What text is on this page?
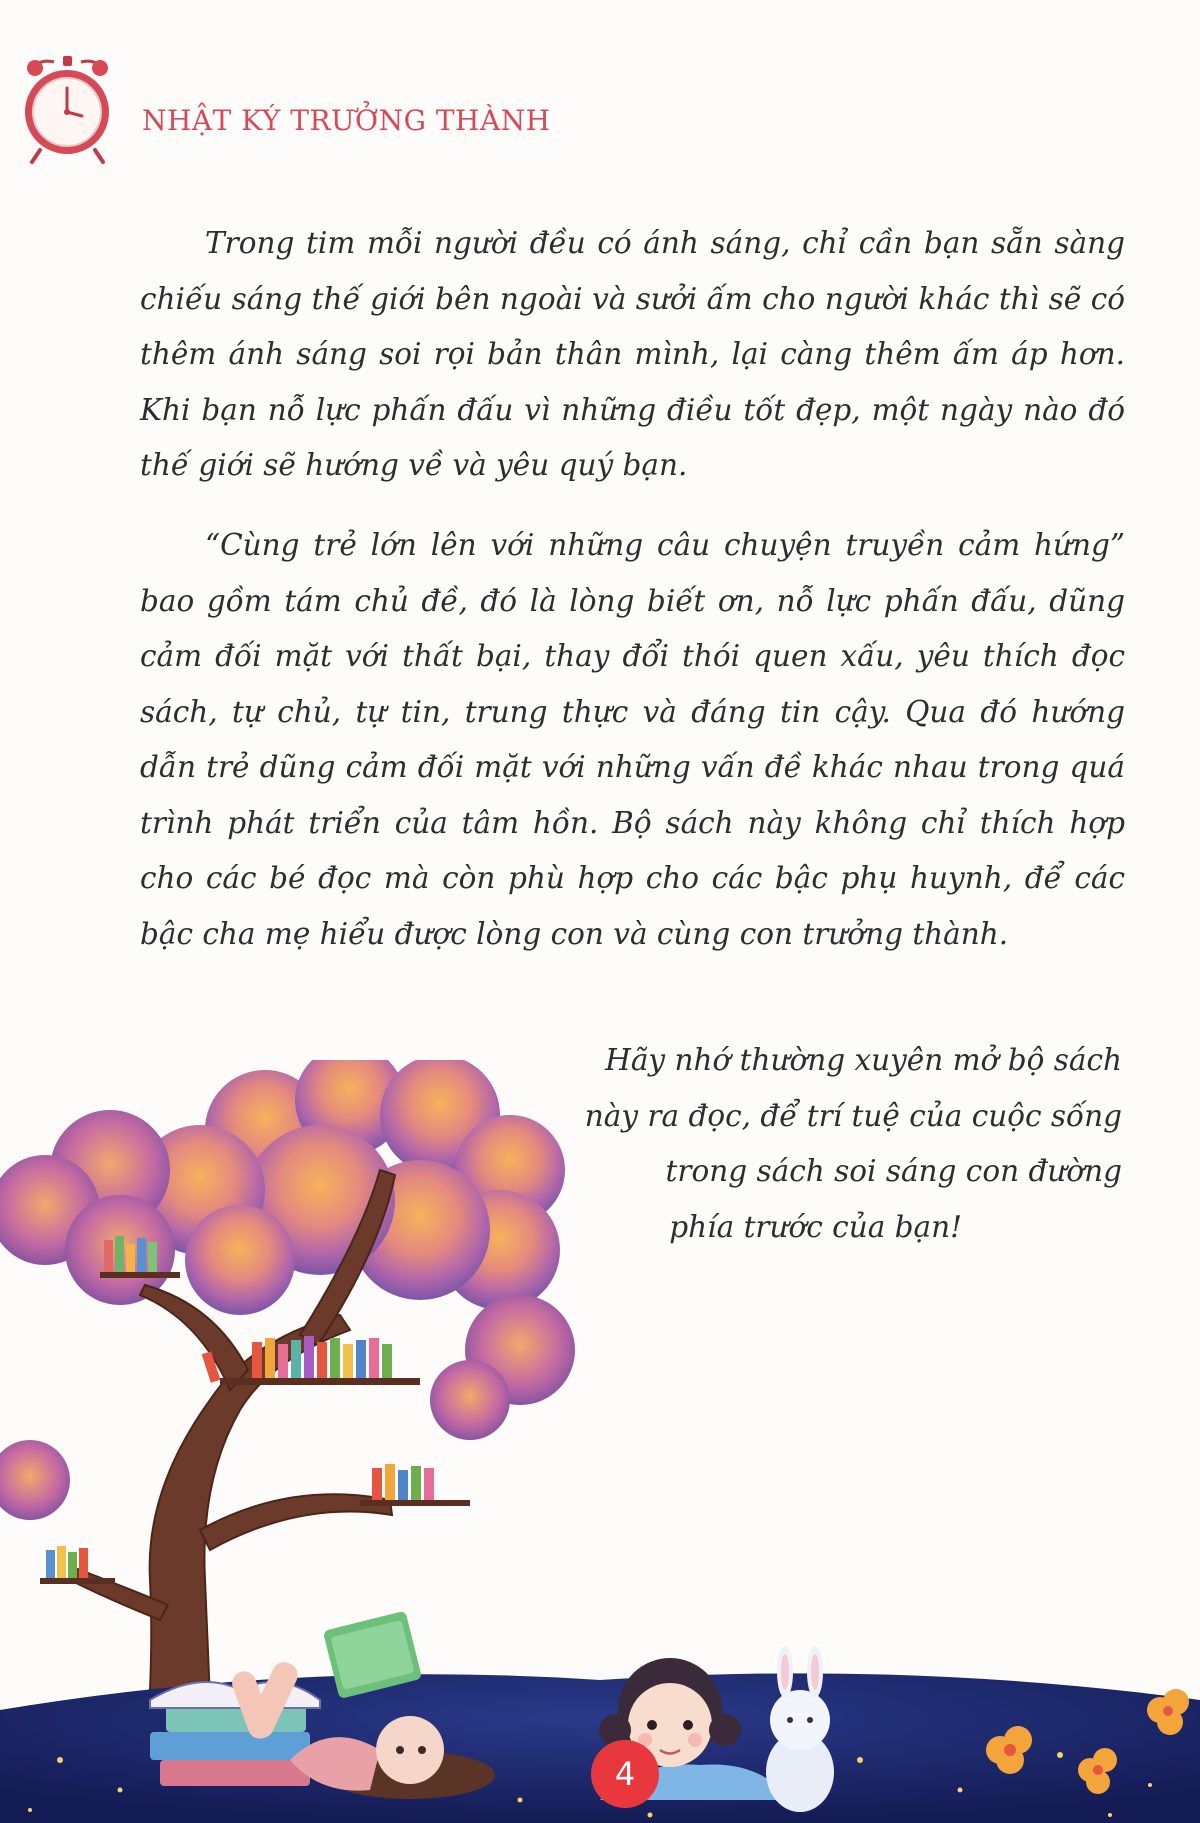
NHẬT KÝ TRƯỞNG THÀNH

Trong tim mỗi người đều có ánh sáng, chỉ cần bạn sẵn sàng chiếu sáng thế giới bên ngoài và sưởi ấm cho người khác thì sẽ có thêm ánh sáng soi rọi bản thân mình, lại càng thêm ấm áp hơn. Khi bạn nỗ lực phấn đấu vì những điều tốt đẹp, một ngày nào đó thế giới sẽ hướng về và yêu quý bạn.

“Cùng trẻ lớn lên với những câu chuyện truyền cảm hứng” bao gồm tám chủ đề, đó là lòng biết ơn, nỗ lực phấn đấu, dũng cảm đối mặt với thất bại, thay đổi thói quen xấu, yêu thích đọc sách, tự chủ, tự tin, trung thực và đáng tin cậy. Qua đó hướng dẫn trẻ dũng cảm đối mặt với những vấn đề khác nhau trong quá trình phát triển của tâm hồn. Bộ sách này không chỉ thích hợp cho các bé đọc mà còn phù hợp cho các bậc phụ huynh, để các bậc cha mẹ hiểu được lòng con và cùng con trưởng thành.

Hãy nhớ thường xuyên mở bộ sách
này ra đọc, để trí tuệ của cuộc sống
trong sách soi sáng con đường
phía trước của bạn!

4
